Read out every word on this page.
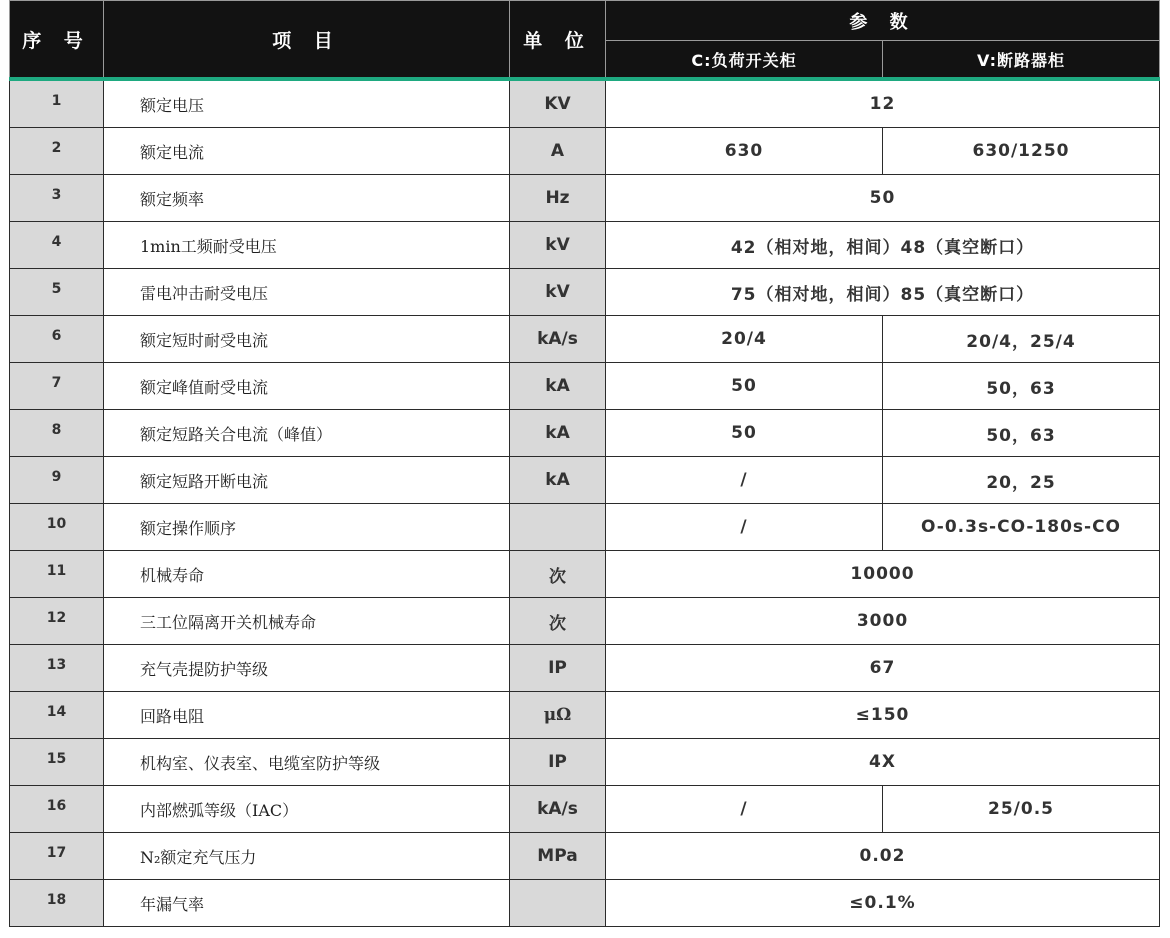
序 号	项 目	单 位	参 数	
			C:负荷开关柜	V:断路器柜
1	额定电压	KV	12	
2	额定电流	A	630	630/1250
3	额定频率	Hz	50	
4	1min工频耐受电压	kV	42（相对地，相间）48（真空断口）	
5	雷电冲击耐受电压	kV	75（相对地，相间）85（真空断口）	
6	额定短时耐受电流	kA/s	20/4	20/4，25/4
7	额定峰值耐受电流	kA	50	50，63
8	额定短路关合电流（峰值）	kA	50	50，63
9	额定短路开断电流	kA	/	20，25
10	额定操作顺序		/	O-0.3s-CO-180s-CO
11	机械寿命	次	10000	
12	三工位隔离开关机械寿命	次	3000	
13	充气壳提防护等级	IP	67	
14	回路电阻	μΩ	≤150	
15	机构室、仪表室、电缆室防护等级	IP	4X	
16	内部燃弧等级（IAC）	kA/s	/	25/0.5
17	N₂额定充气压力	MPa	0.02	
18	年漏气率		≤0.1%	
